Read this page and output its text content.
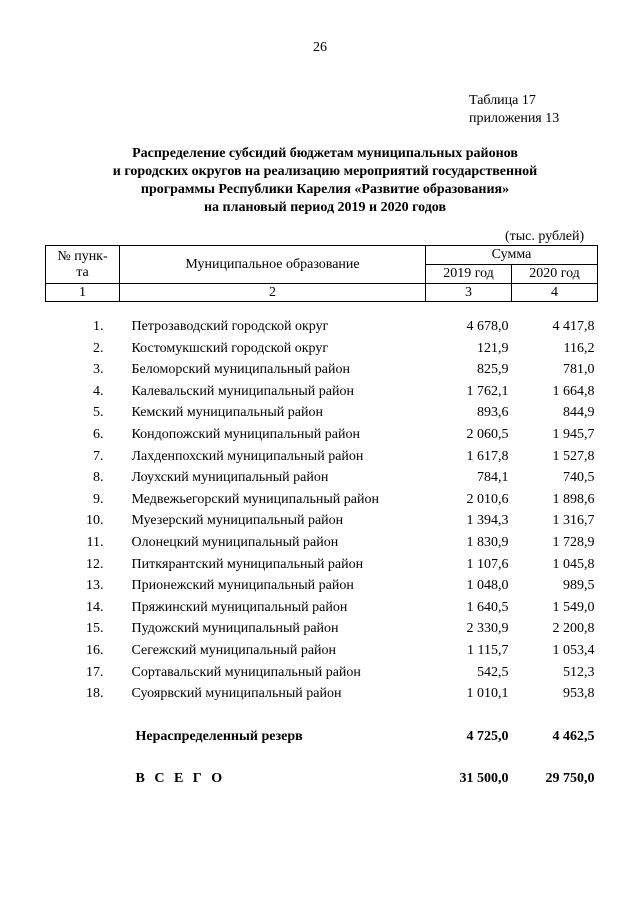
26
Таблица 17
приложения 13
Распределение субсидий бюджетам муниципальных районов
и городских округов на реализацию мероприятий государственной
программы Республики Карелия «Развитие образования»
на плановый период 2019 и 2020 годов
(тыс. рублей)
№ пунк-
та	Муниципальное образование	Сумма	
		2019 год	2020 год
1	2	3	4

1.	Петрозаводский городской округ	4 678,0	4 417,8
2.	Костомукшский городской округ	121,9	116,2
3.	Беломорский муниципальный район	825,9	781,0
4.	Калевальский муниципальный район	1 762,1	1 664,8
5.	Кемский муниципальный район	893,6	844,9
6.	Кондопожский муниципальный район	2 060,5	1 945,7
7.	Лахденпохский муниципальный район	1 617,8	1 527,8
8.	Лоухский муниципальный район	784,1	740,5
9.	Медвежьегорский муниципальный район	2 010,6	1 898,6
10.	Муезерский муниципальный район	1 394,3	1 316,7
11.	Олонецкий муниципальный район	1 830,9	1 728,9
12.	Питкярантский муниципальный район	1 107,6	1 045,8
13.	Прионежский муниципальный район	1 048,0	989,5
14.	Пряжинский муниципальный район	1 640,5	1 549,0
15.	Пудожский муниципальный район	2 330,9	2 200,8
16.	Сегежский муниципальный район	1 115,7	1 053,4
17.	Сортавальский муниципальный район	542,5	512,3
18.	Суоярвский муниципальный район	1 010,1	953,8

	Нераспределенный резерв	4 725,0	4 462,5

	В С Е Г О	31 500,0	29 750,0
